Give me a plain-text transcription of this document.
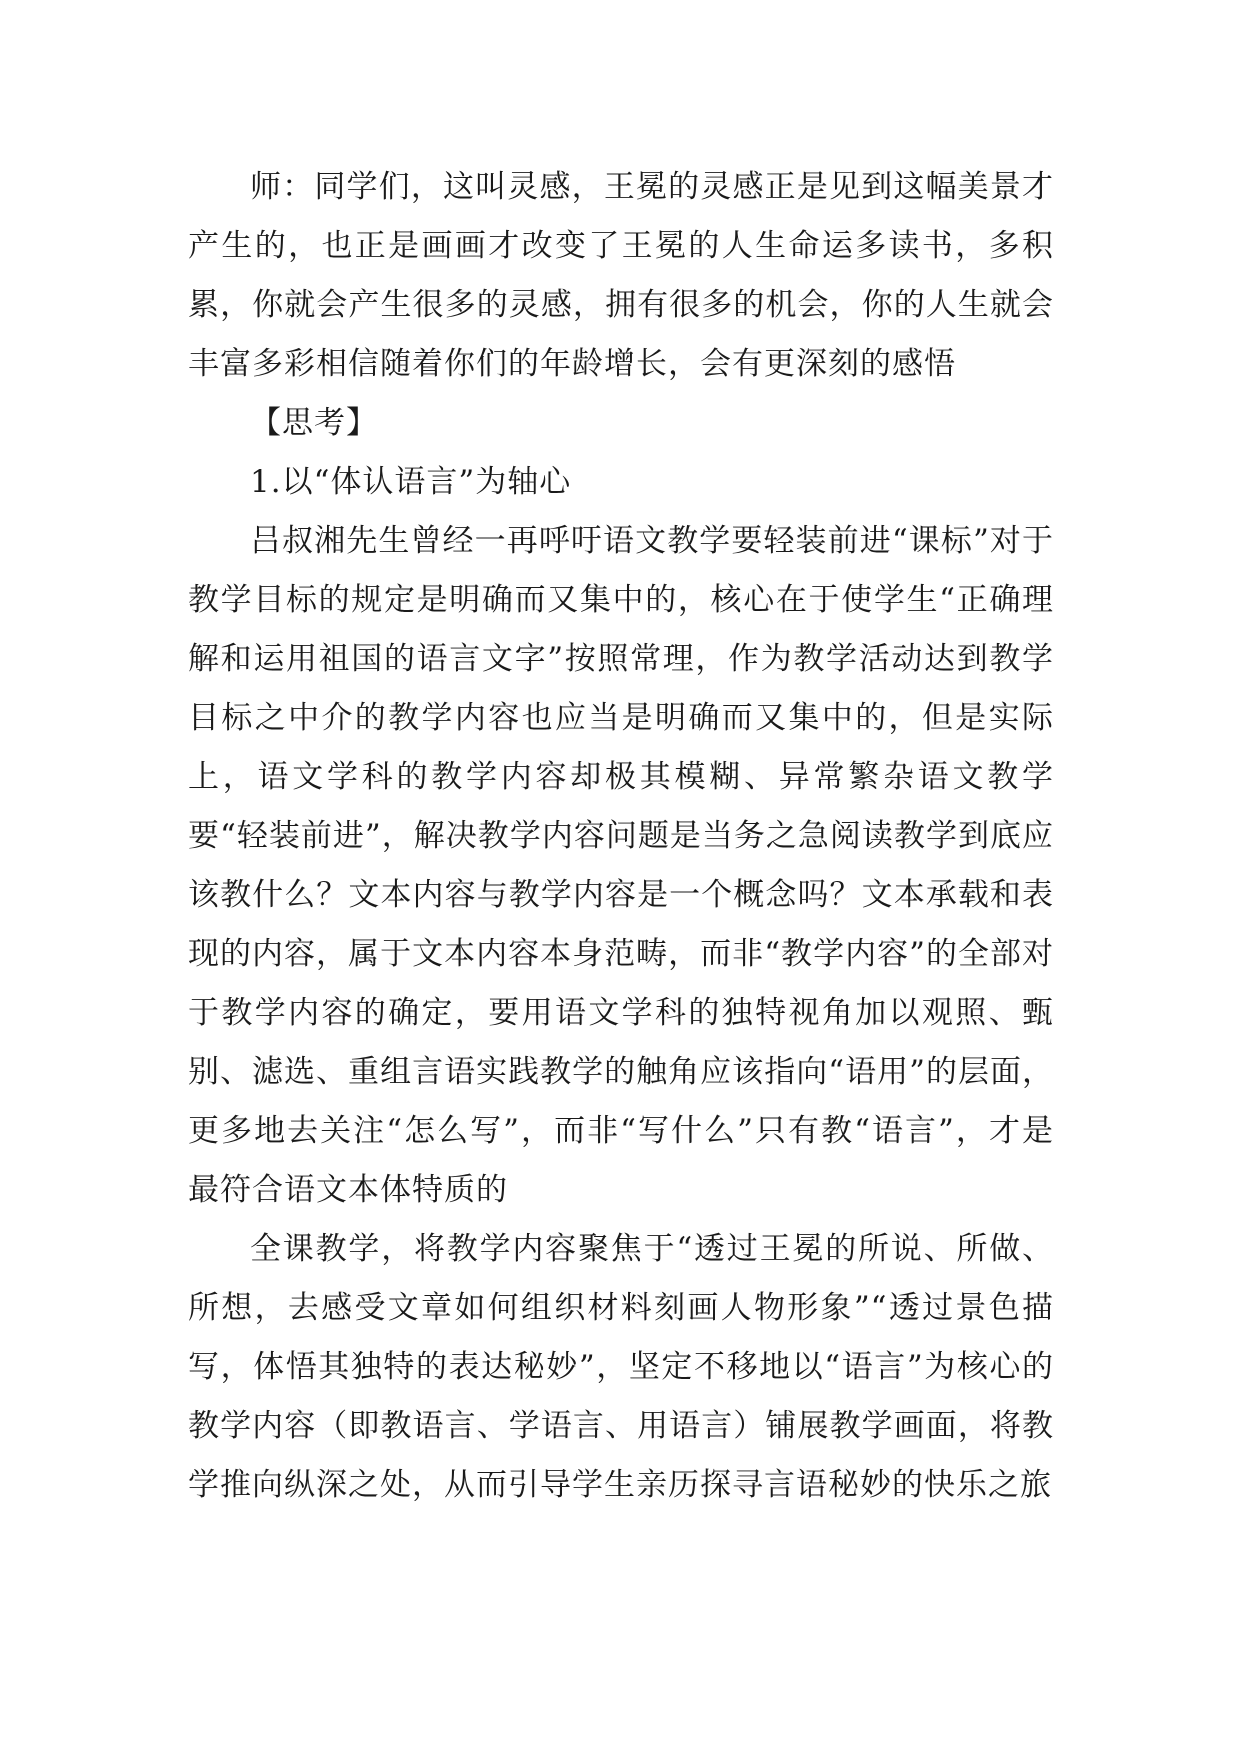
师：同学们，这叫灵感，王冕的灵感正是见到这幅美景才产生的，也正是画画才改变了王冕的人生命运多读书，多积累，你就会产生很多的灵感，拥有很多的机会，你的人生就会丰富多彩相信随着你们的年龄增长，会有更深刻的感悟

【思考】

1.以“体认语言”为轴心

吕叔湘先生曾经一再呼吁语文教学要轻装前进“课标”对于教学目标的规定是明确而又集中的，核心在于使学生“正确理解和运用祖国的语言文字”按照常理，作为教学活动达到教学目标之中介的教学内容也应当是明确而又集中的，但是实际上，语文学科的教学内容却极其模糊、异常繁杂语文教学要“轻装前进”，解决教学内容问题是当务之急阅读教学到底应该教什么？文本内容与教学内容是一个概念吗？文本承载和表现的内容，属于文本内容本身范畴，而非“教学内容”的全部对于教学内容的确定，要用语文学科的独特视角加以观照、甄别、滤选、重组言语实践教学的触角应该指向“语用”的层面，更多地去关注“怎么写”，而非“写什么”只有教“语言”，才是最符合语文本体特质的

全课教学，将教学内容聚焦于“透过王冕的所说、所做、所想，去感受文章如何组织材料刻画人物形象”“透过景色描写，体悟其独特的表达秘妙”，坚定不移地以“语言”为核心的教学内容（即教语言、学语言、用语言）铺展教学画面，将教学推向纵深之处，从而引导学生亲历探寻言语秘妙的快乐之旅
